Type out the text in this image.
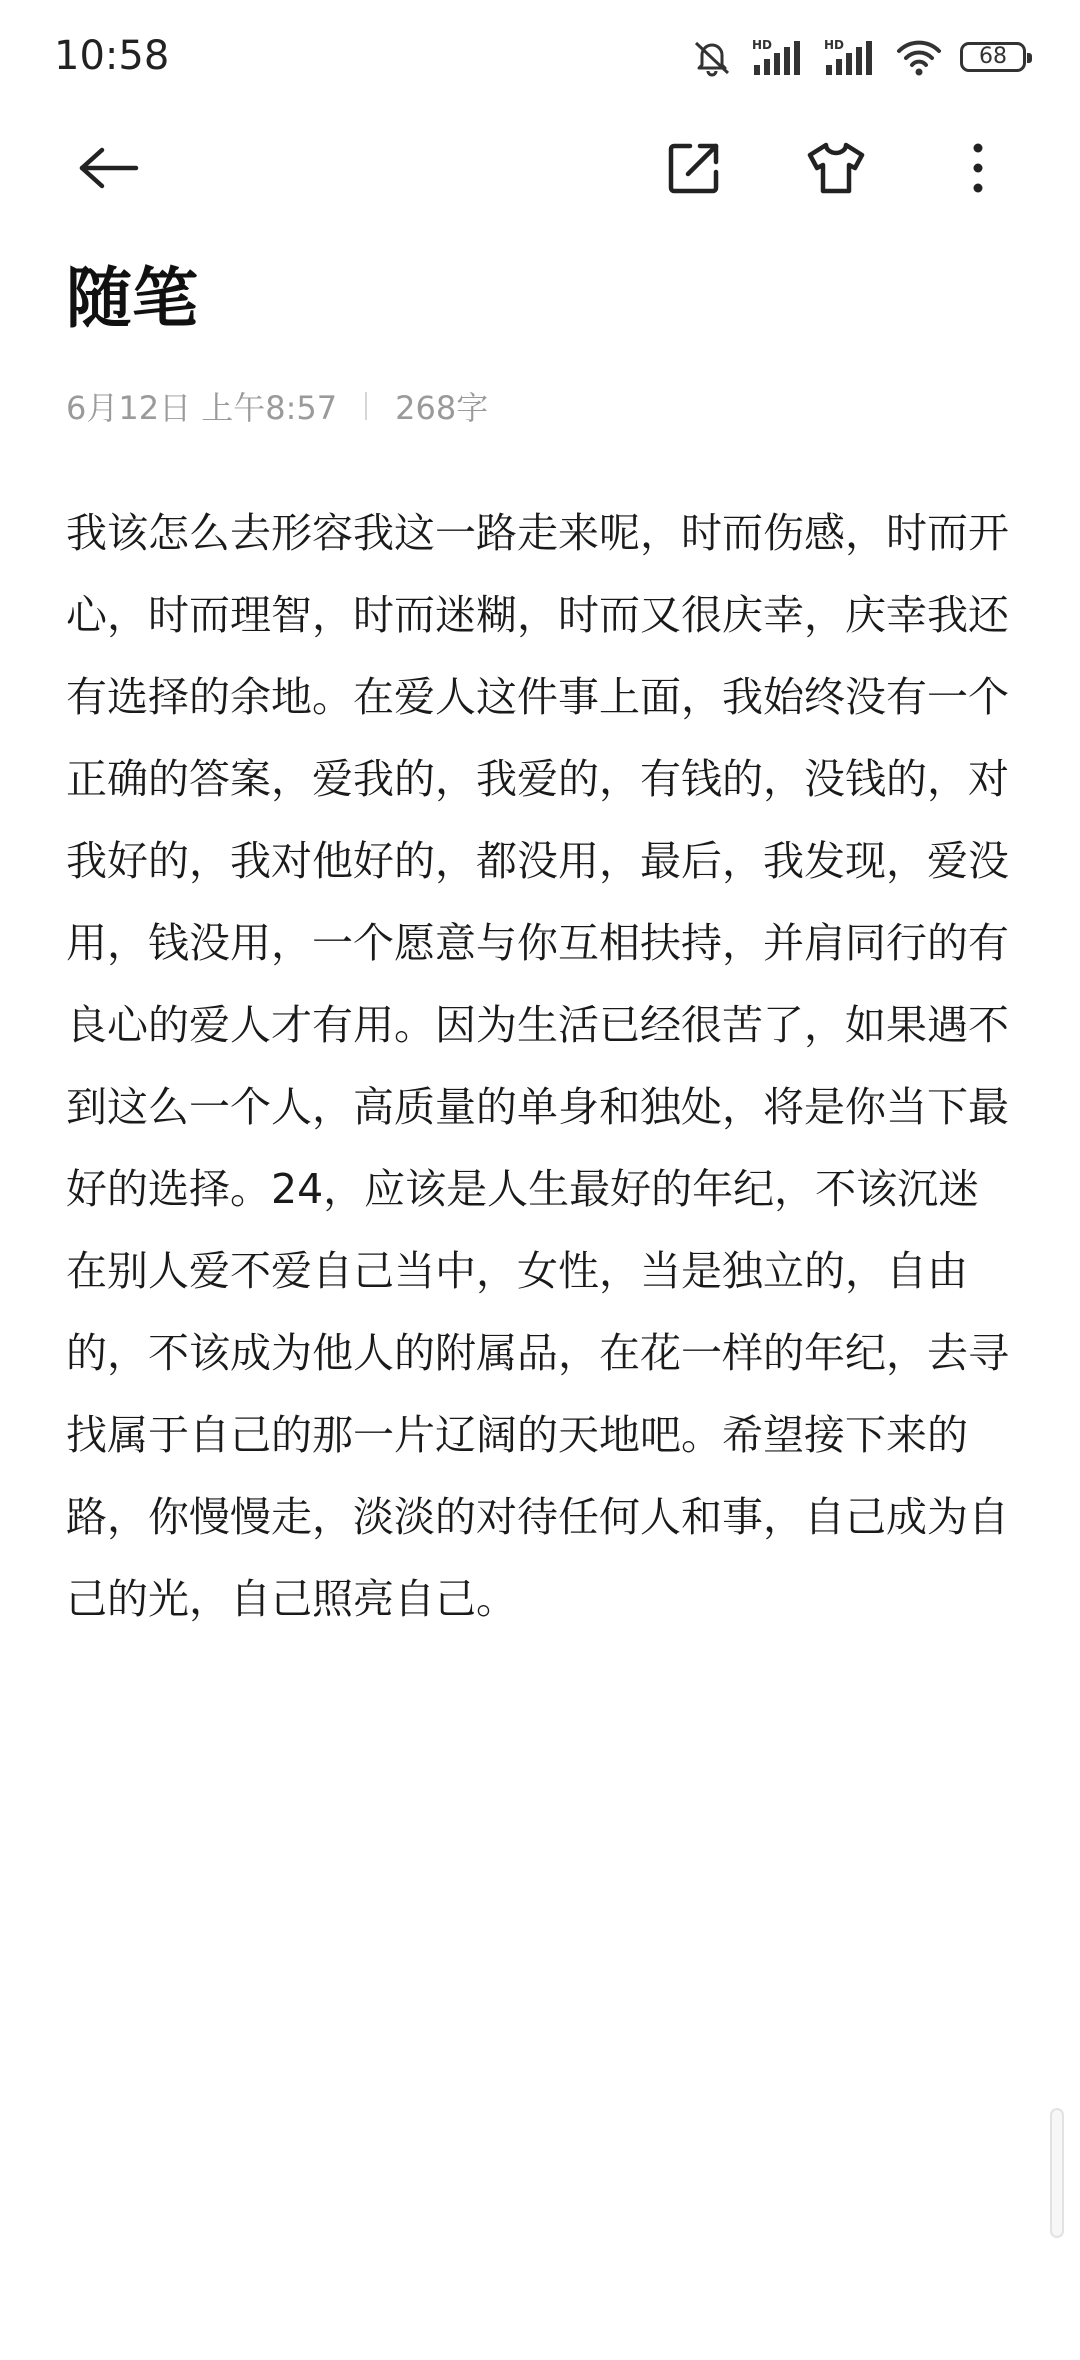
10:58	HD	HD	68
随笔
6月12日 上午8:57 268字

我该怎么去形容我这一路走来呢，时而伤感，时而开心，时而理智，时而迷糊，时而又很庆幸，庆幸我还有选择的余地。在爱人这件事上面，我始终没有一个正确的答案，爱我的，我爱的，有钱的，没钱的，对我好的，我对他好的，都没用，最后，我发现，爱没用，钱没用，一个愿意与你互相扶持，并肩同行的有良心的爱人才有用。因为生活已经很苦了，如果遇不到这么一个人，高质量的单身和独处，将是你当下最好的选择。24，应该是人生最好的年纪，不该沉迷在别人爱不爱自己当中，女性，当是独立的，自由的，不该成为他人的附属品，在花一样的年纪，去寻找属于自己的那一片辽阔的天地吧。希望接下来的路，你慢慢走，淡淡的对待任何人和事，自己成为自己的光，自己照亮自己。
